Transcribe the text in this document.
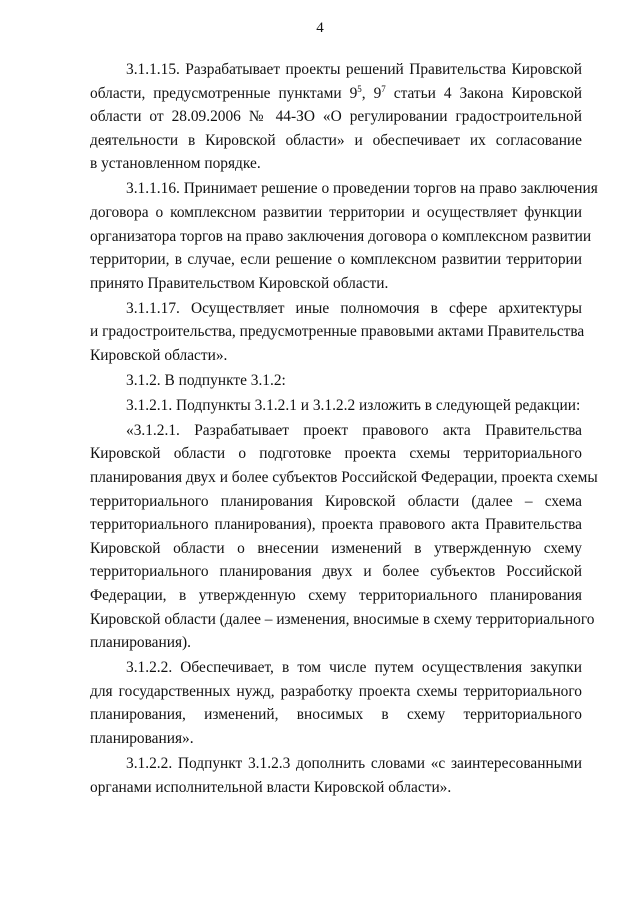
4
3.1.1.15. Разрабатывает проекты решений Правительства Кировской
области, предусмотренные пунктами $9^5$, $9^7$ статьи 4 Закона Кировской
области от 28.09.2006 № 44-ЗО «О регулировании градостроительной
деятельности в Кировской области» и обеспечивает их согласование
в установленном порядке.
3.1.1.16. Принимает решение о проведении торгов на право заключения
договора о комплексном развитии территории и осуществляет функции
организатора торгов на право заключения договора о комплексном развитии
территории, в случае, если решение о комплексном развитии территории
принято Правительством Кировской области.
3.1.1.17. Осуществляет иные полномочия в сфере архитектуры
и градостроительства, предусмотренные правовыми актами Правительства
Кировской области».
3.1.2. В подпункте 3.1.2:
3.1.2.1. Подпункты 3.1.2.1 и 3.1.2.2 изложить в следующей редакции:
«3.1.2.1. Разрабатывает проект правового акта Правительства
Кировской области о подготовке проекта схемы территориального
планирования двух и более субъектов Российской Федерации, проекта схемы
территориального планирования Кировской области (далее – схема
территориального планирования), проекта правового акта Правительства
Кировской области о внесении изменений в утвержденную схему
территориального планирования двух и более субъектов Российской
Федерации, в утвержденную схему территориального планирования
Кировской области (далее – изменения, вносимые в схему территориального
планирования).
3.1.2.2. Обеспечивает, в том числе путем осуществления закупки
для государственных нужд, разработку проекта схемы территориального
планирования, изменений, вносимых в схему территориального
планирования».
3.1.2.2. Подпункт 3.1.2.3 дополнить словами «с заинтересованными
органами исполнительной власти Кировской области».
